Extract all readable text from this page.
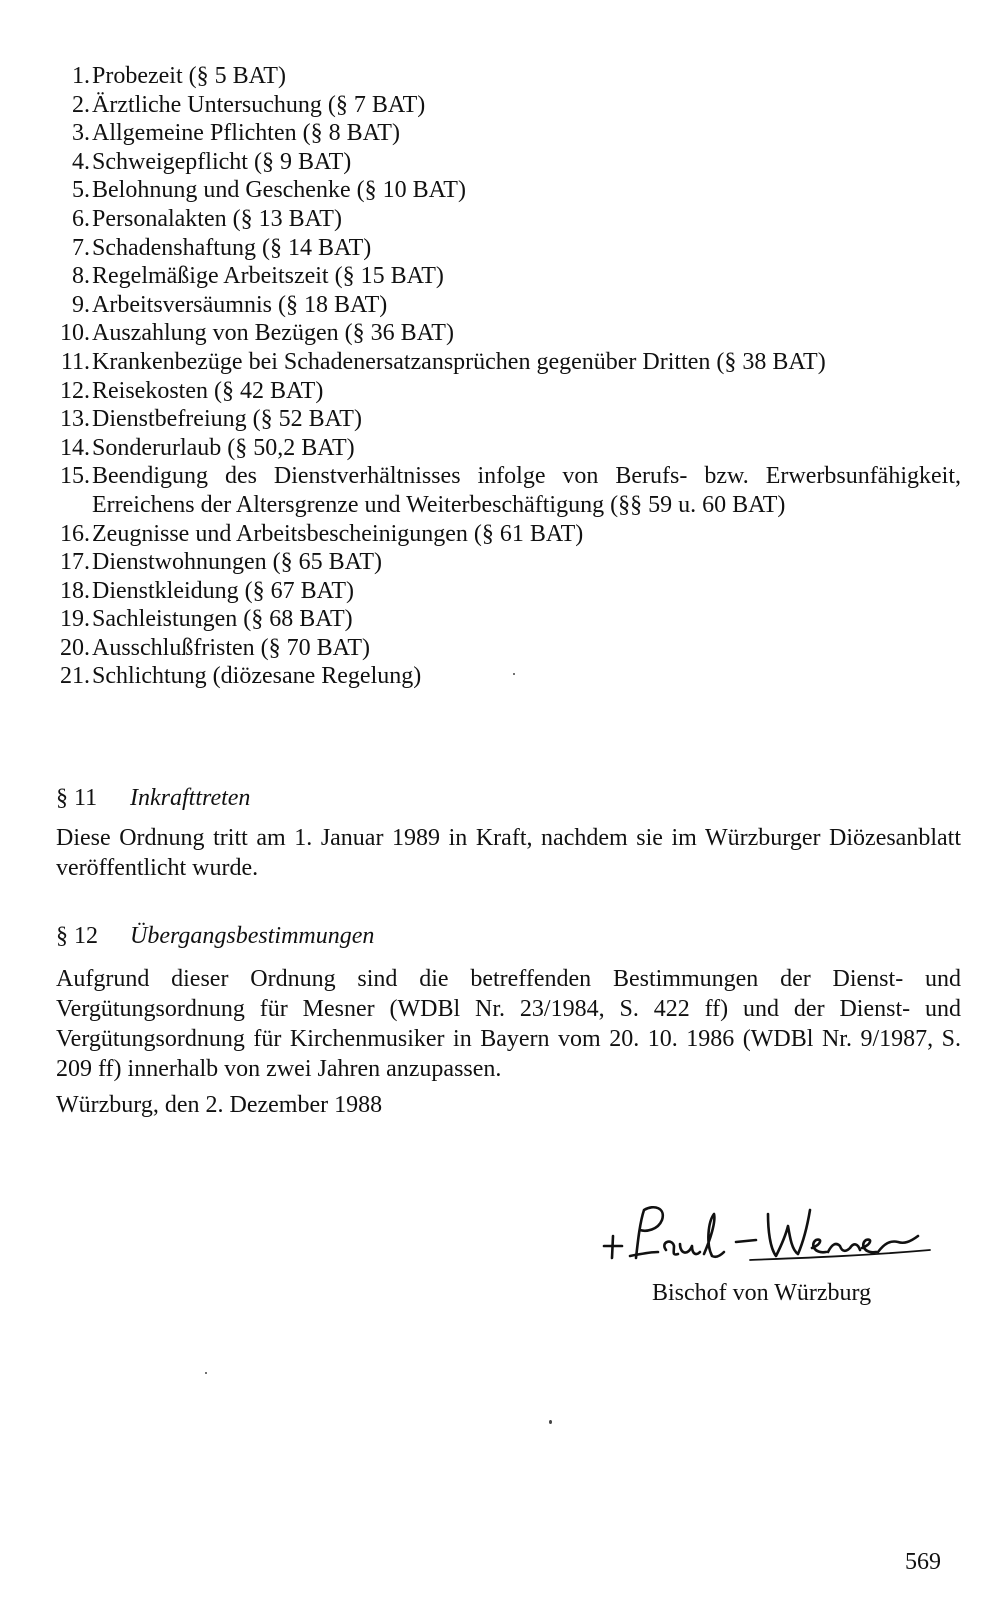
1. Probezeit (§ 5 BAT)
2. Ärztliche Untersuchung (§ 7 BAT)
3. Allgemeine Pflichten (§ 8 BAT)
4. Schweigepflicht (§ 9 BAT)
5. Belohnung und Geschenke (§ 10 BAT)
6. Personalakten (§ 13 BAT)
7. Schadenshaftung (§ 14 BAT)
8. Regelmäßige Arbeitszeit (§ 15 BAT)
9. Arbeitsversäumnis (§ 18 BAT)
10. Auszahlung von Bezügen (§ 36 BAT)
11. Krankenbezüge bei Schadenersatzansprüchen gegenüber Dritten (§ 38 BAT)
12. Reisekosten (§ 42 BAT)
13. Dienstbefreiung (§ 52 BAT)
14. Sonderurlaub (§ 50,2 BAT)
15. Beendigung des Dienstverhältnisses infolge von Berufs- bzw. Erwerbsunfähigkeit, Erreichens der Altersgrenze und Weiterbeschäftigung (§§ 59 u. 60 BAT)
16. Zeugnisse und Arbeitsbescheinigungen (§ 61 BAT)
17. Dienstwohnungen (§ 65 BAT)
18. Dienstkleidung (§ 67 BAT)
19. Sachleistungen (§ 68 BAT)
20. Ausschlußfristen (§ 70 BAT)
21. Schlichtung (diözesane Regelung)
§ 11 Inkrafttreten

Diese Ordnung tritt am 1. Januar 1989 in Kraft, nachdem sie im Würzburger Diözesanblatt veröffentlicht wurde.

§ 12 Übergangsbestimmungen

Aufgrund dieser Ordnung sind die betreffenden Bestimmungen der Dienst- und Vergütungsordnung für Mesner (WDBl Nr. 23/1984, S. 422 ff) und der Dienst- und Vergütungsordnung für Kirchenmusiker in Bayern vom 20. 10. 1986 (WDBl Nr. 9/1987, S. 209 ff) innerhalb von zwei Jahren anzupassen.

Würzburg, den 2. Dezember 1988
Bischof von Würzburg
569
